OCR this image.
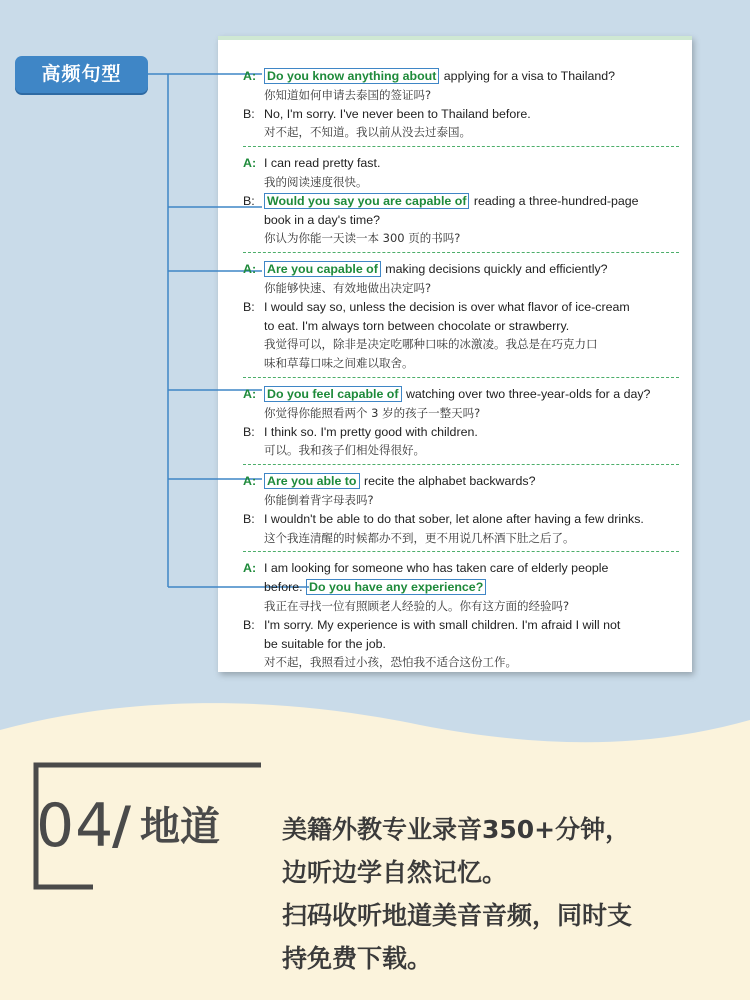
高频句型	A: Do you know anything about applying for a visa to Thailand?
你知道如何申请去泰国的签证吗?
B: No, I'm sorry. I've never been to Thailand before.
对不起，不知道。我以前从没去过泰国。
A: I can read pretty fast.
我的阅读速度很快。
B: Would you say you are capable of reading a three-hundred-page
book in a day's time?
你认为你能一天读一本 300 页的书吗?
A: Are you capable of making decisions quickly and efficiently?
你能够快速、有效地做出决定吗?
B: I would say so, unless the decision is over what flavor of ice-cream
to eat. I'm always torn between chocolate or strawberry.
我觉得可以，除非是决定吃哪种口味的冰激凌。我总是在巧克力口
味和草莓口味之间难以取舍。
A: Do you feel capable of watching over two three-year-olds for a day?
你觉得你能照看两个 3 岁的孩子一整天吗?
B: I think so. I'm pretty good with children.
可以。我和孩子们相处得很好。
A: Are you able to recite the alphabet backwards?
你能倒着背字母表吗?
B: I wouldn't be able to do that sober, let alone after having a few drinks.
这个我连清醒的时候都办不到，更不用说几杯酒下肚之后了。
A: I am looking for someone who has taken care of elderly people
before. Do you have any experience?
我正在寻找一位有照顾老人经验的人。你有这方面的经验吗?
B: I'm sorry. My experience is with small children. I'm afraid I will not
be suitable for the job.
对不起，我照看过小孩，恐怕我不适合这份工作。
04
/ 地道 美籍外教专业录音350+分钟，
边听边学自然记忆。
扫码收听地道美音音频，同时支
持免费下载。
